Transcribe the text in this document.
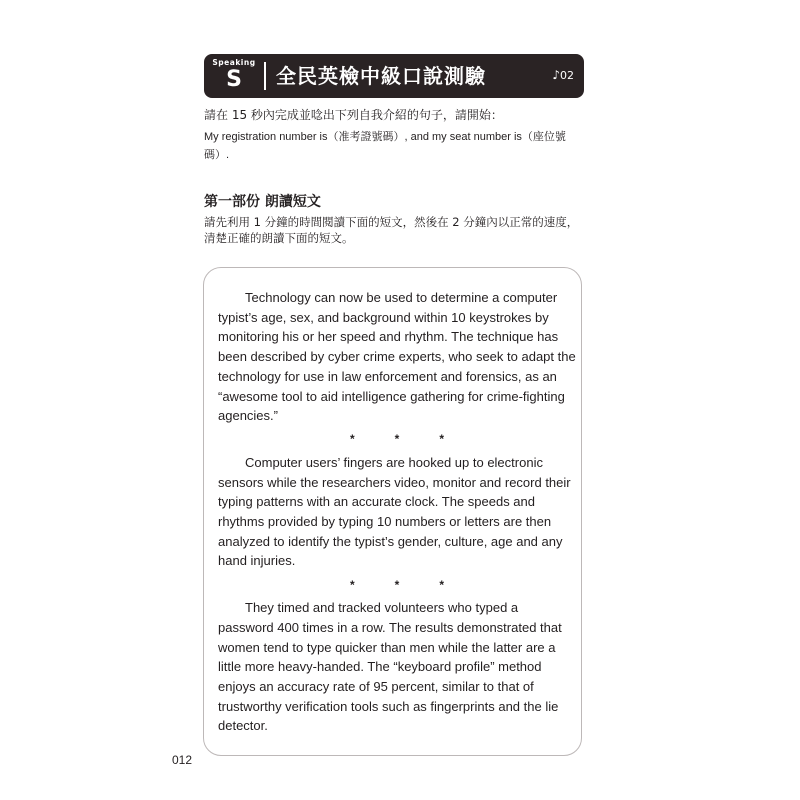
Speaking
S	全民英檢中級口說測驗	♪02
請在 15 秒內完成並唸出下列自我介紹的句子，請開始：
My registration number is（准考證號碼）, and my seat number is（座位號碼）.
第一部份 朗讀短文
請先利用 1 分鐘的時間閱讀下面的短文，然後在 2 分鐘內以正常的速度，清楚正確的朗讀下面的短文。

Technology can now be used to determine a computer typist’s age, sex, and background within 10 keystrokes by monitoring his or her speed and rhythm. The technique has been described by cyber crime experts, who seek to adapt the technology for use in law enforcement and forensics, as an “awesome tool to aid intelligence gathering for crime-fighting agencies.”

*	*	*

Computer users’ fingers are hooked up to electronic sensors while the researchers video, monitor and record their typing patterns with an accurate clock. The speeds and rhythms provided by typing 10 numbers or letters are then analyzed to identify the typist’s gender, culture, age and any hand injuries.

*	*	*

They timed and tracked volunteers who typed a password 400 times in a row. The results demonstrated that women tend to type quicker than men while the latter are a little more heavy-handed. The “keyboard profile” method enjoys an accuracy rate of 95 percent, similar to that of trustworthy verification tools such as fingerprints and the lie detector.

012
